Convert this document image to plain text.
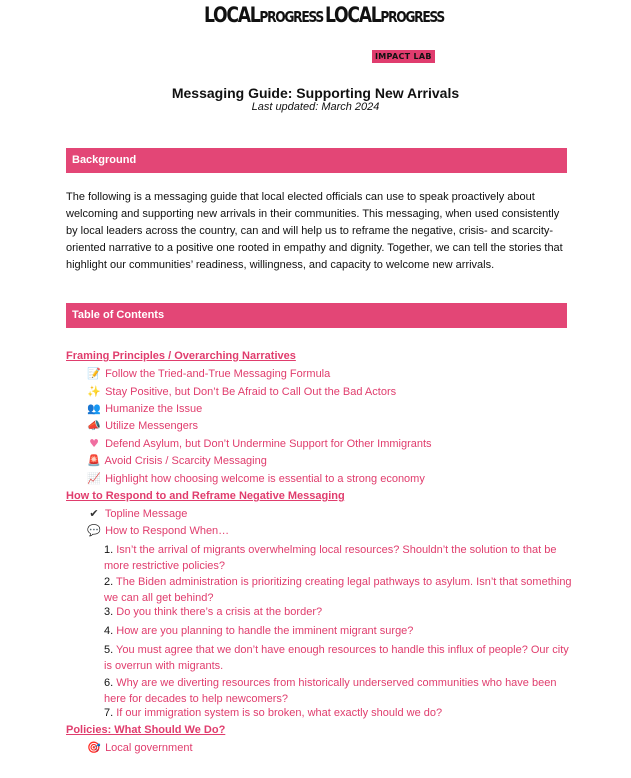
LOCALPROGRESS LOCALPROGRESS
IMPACT LAB
Messaging Guide: Supporting New Arrivals
Last updated: March 2024
Background
The following is a messaging guide that local elected officials can use to speak proactively about welcoming and supporting new arrivals in their communities. This messaging, when used consistently by local leaders across the country, can and will help us to reframe the negative, crisis- and scarcity-oriented narrative to a positive one rooted in empathy and dignity. Together, we can tell the stories that highlight our communities’ readiness, willingness, and capacity to welcome new arrivals.
Table of Contents
Framing Principles / Overarching Narratives
📝 Follow the Tried-and-True Messaging Formula
✨ Stay Positive, but Don’t Be Afraid to Call Out the Bad Actors
👥 Humanize the Issue
📣 Utilize Messengers
♥ Defend Asylum, but Don’t Undermine Support for Other Immigrants
🚨 Avoid Crisis / Scarcity Messaging
📈 Highlight how choosing welcome is essential to a strong economy
How to Respond to and Reframe Negative Messaging
✔ Topline Message
💬 How to Respond When…
1. Isn’t the arrival of migrants overwhelming local resources? Shouldn’t the solution to that be more restrictive policies?
2. The Biden administration is prioritizing creating legal pathways to asylum. Isn’t that something we can all get behind?
3. Do you think there’s a crisis at the border?
4. How are you planning to handle the imminent migrant surge?
5. You must agree that we don’t have enough resources to handle this influx of people? Our city is overrun with migrants.
6. Why are we diverting resources from historically underserved communities who have been here for decades to help newcomers?
7. If our immigration system is so broken, what exactly should we do?
Policies: What Should We Do?
🎯 Local government
